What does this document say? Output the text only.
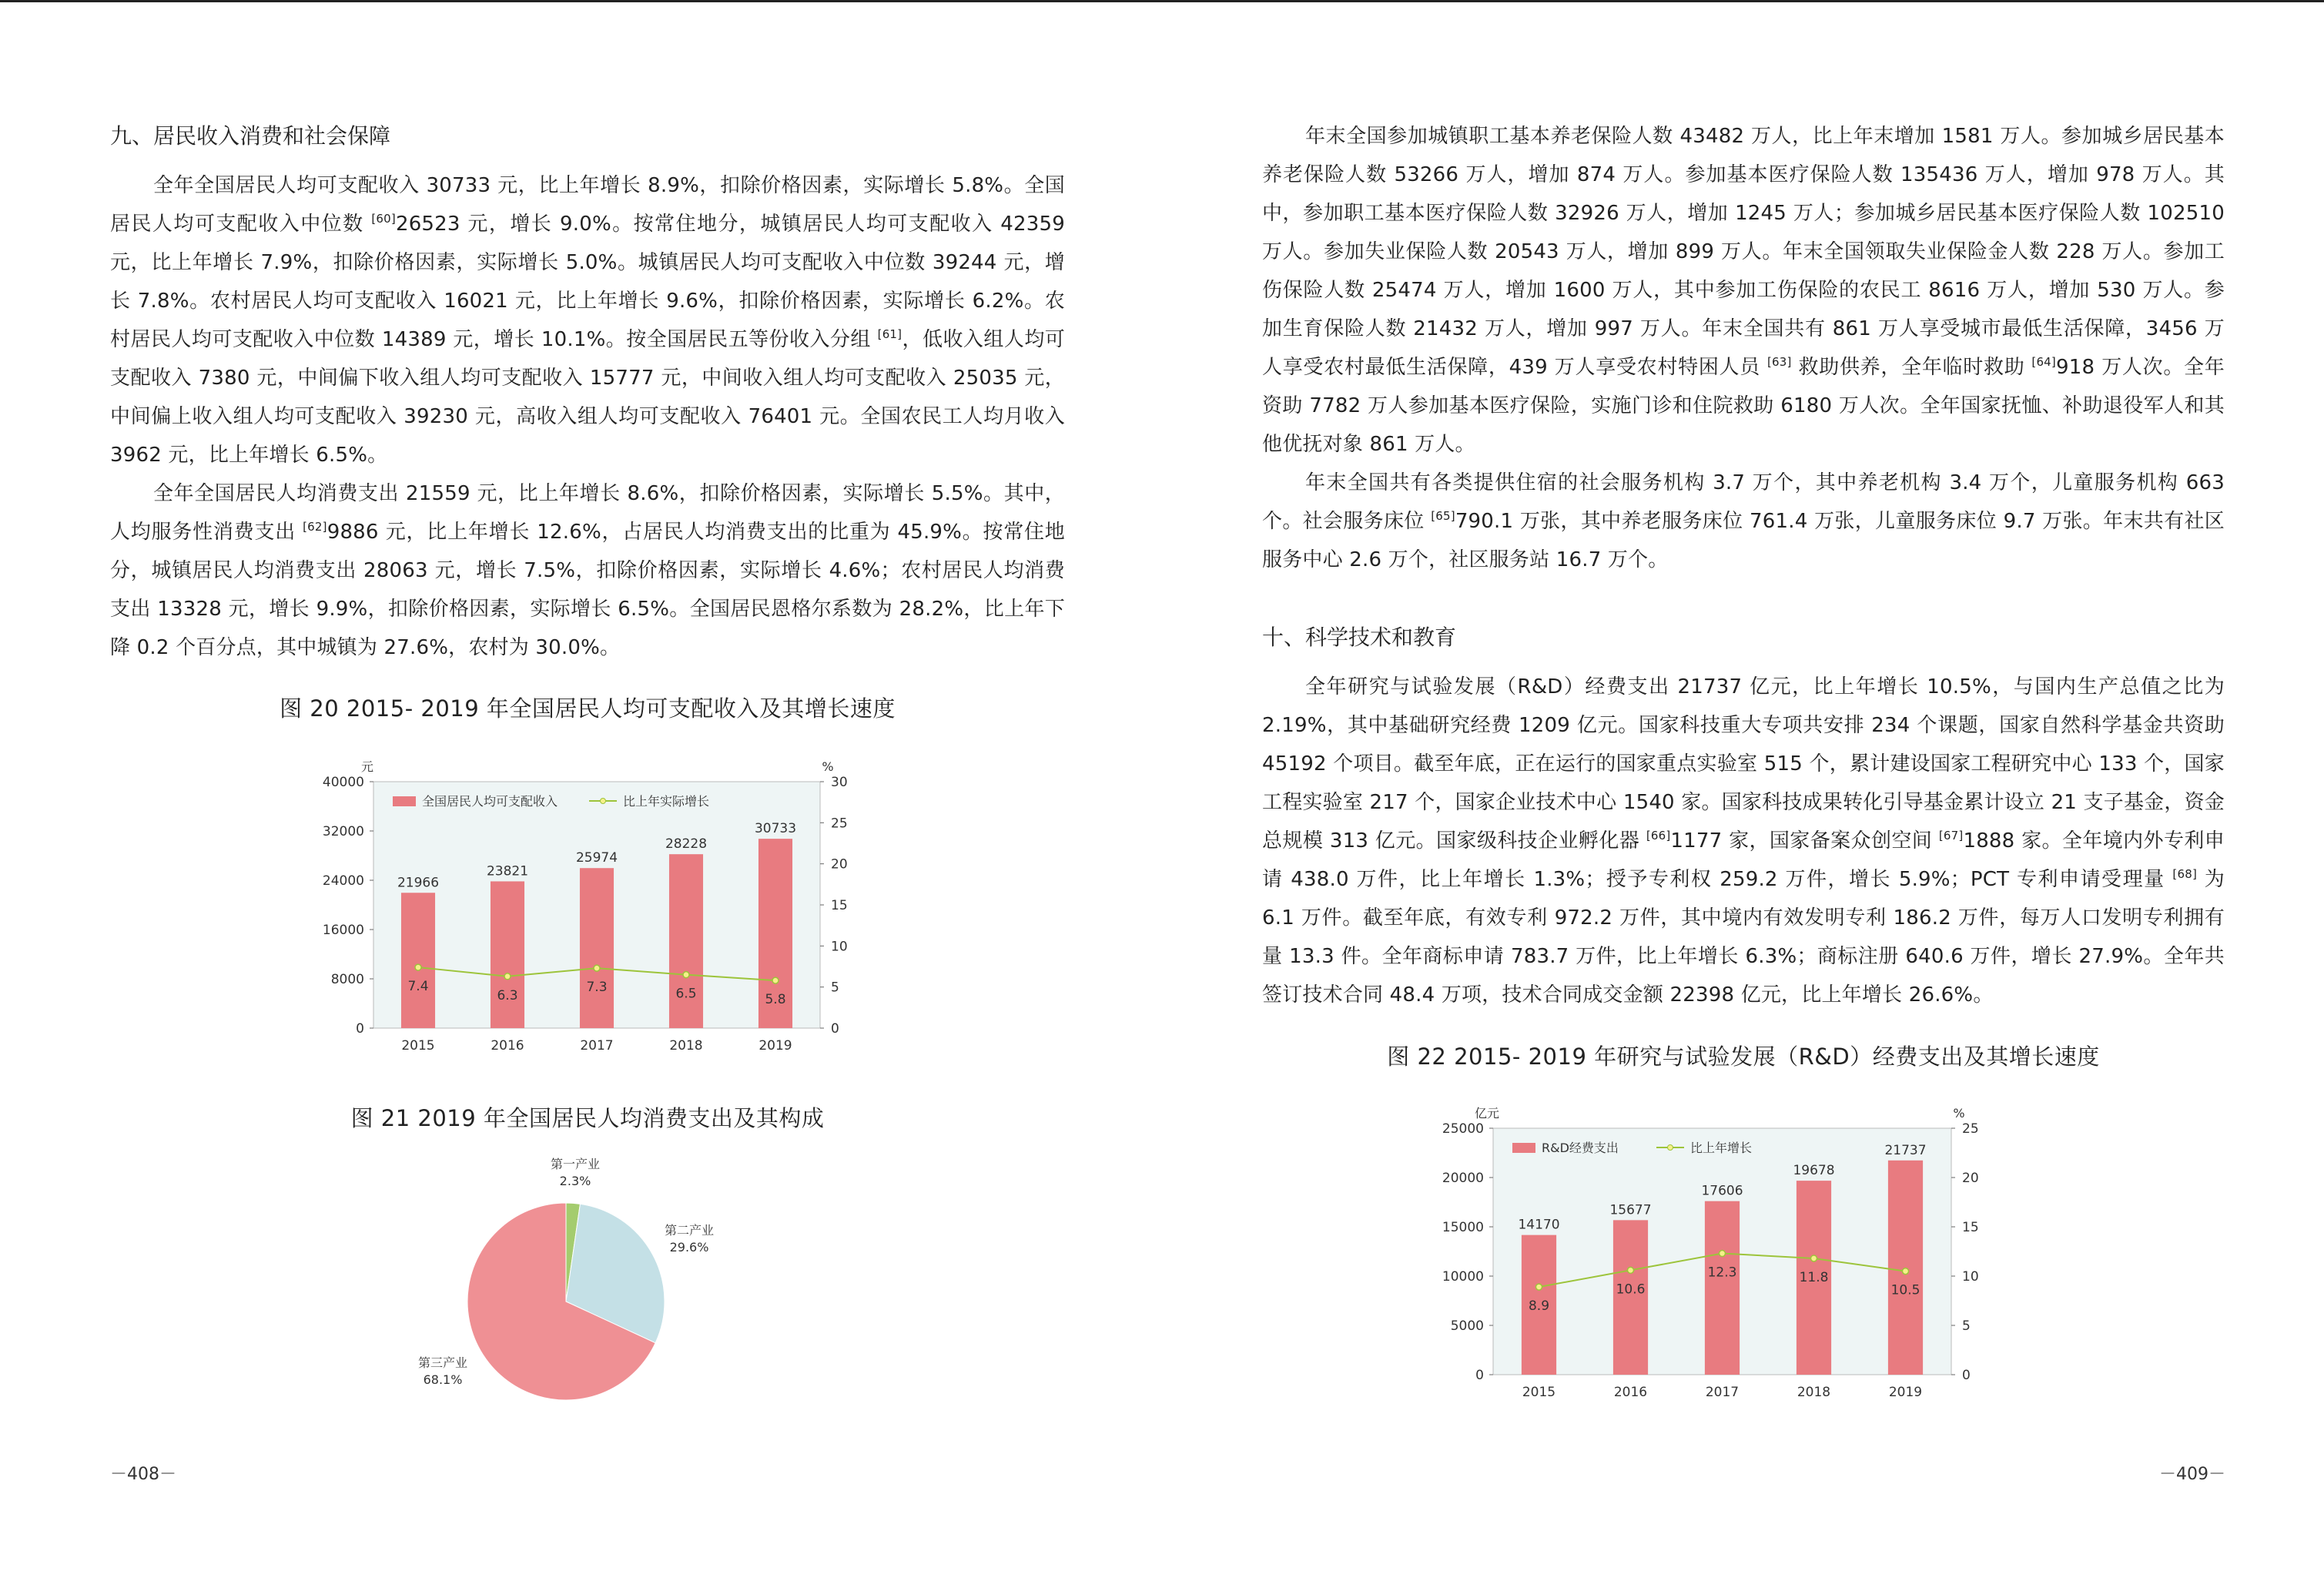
九、居民收入消费和社会保障

全年全国居民人均可支配收入 30733 元，比上年增长 8.9%，扣除价格因素，实际增长 5.8%。全国居民人均可支配收入中位数 [60]26523 元，增长 9.0%。按常住地分，城镇居民人均可支配收入 42359 元，比上年增长 7.9%，扣除价格因素，实际增长 5.0%。城镇居民人均可支配收入中位数 39244 元，增长 7.8%。农村居民人均可支配收入 16021 元，比上年增长 9.6%，扣除价格因素，实际增长 6.2%。农村居民人均可支配收入中位数 14389 元，增长 10.1%。按全国居民五等份收入分组 [61]，低收入组人均可支配收入 7380 元，中间偏下收入组人均可支配收入 15777 元，中间收入组人均可支配收入 25035 元，中间偏上收入组人均可支配收入 39230 元，高收入组人均可支配收入 76401 元。全国农民工人均月收入 3962 元，比上年增长 6.5%。

全年全国居民人均消费支出 21559 元，比上年增长 8.6%，扣除价格因素，实际增长 5.5%。其中，人均服务性消费支出 [62]9886 元，比上年增长 12.6%，占居民人均消费支出的比重为 45.9%。按常住地分，城镇居民人均消费支出 28063 元，增长 7.5%，扣除价格因素，实际增长 4.6%；农村居民人均消费支出 13328 元，增长 9.9%，扣除价格因素，实际增长 6.5%。全国居民恩格尔系数为 28.2%，比上年下降 0.2 个百分点，其中城镇为 27.6%，农村为 30.0%。

图 20 2015- 2019 年全国居民人均可支配收入及其增长速度
元	%
0
8000
16000
24000
32000
40000
0
5
10
15
20
25
30
21966
2015
23821
2016
25974
2017
28228
2018
30733
2019
7.4
6.3
7.3	6.5	5.8
全国居民人均可支配收入	比上年实际增长
图 21 2019 年全国居民人均消费支出及其构成
第一产业
2.3%
第二产业
29.6%
第三产业
68.1%
－408－

年末全国参加城镇职工基本养老保险人数 43482 万人，比上年末增加 1581 万人。参加城乡居民基本养老保险人数 53266 万人，增加 874 万人。参加基本医疗保险人数 135436 万人，增加 978 万人。其中，参加职工基本医疗保险人数 32926 万人，增加 1245 万人；参加城乡居民基本医疗保险人数 102510 万人。参加失业保险人数 20543 万人，增加 899 万人。年末全国领取失业保险金人数 228 万人。参加工伤保险人数 25474 万人，增加 1600 万人，其中参加工伤保险的农民工 8616 万人，增加 530 万人。参加生育保险人数 21432 万人，增加 997 万人。年末全国共有 861 万人享受城市最低生活保障，3456 万人享受农村最低生活保障，439 万人享受农村特困人员 [63] 救助供养，全年临时救助 [64]918 万人次。全年资助 7782 万人参加基本医疗保险，实施门诊和住院救助 6180 万人次。全年国家抚恤、补助退役军人和其他优抚对象 861 万人。

年末全国共有各类提供住宿的社会服务机构 3.7 万个，其中养老机构 3.4 万个，儿童服务机构 663 个。社会服务床位 [65]790.1 万张，其中养老服务床位 761.4 万张，儿童服务床位 9.7 万张。年末共有社区服务中心 2.6 万个，社区服务站 16.7 万个。

十、科学技术和教育

全年研究与试验发展（R&D）经费支出 21737 亿元，比上年增长 10.5%，与国内生产总值之比为 2.19%，其中基础研究经费 1209 亿元。国家科技重大专项共安排 234 个课题，国家自然科学基金共资助 45192 个项目。截至年底，正在运行的国家重点实验室 515 个，累计建设国家工程研究中心 133 个，国家工程实验室 217 个，国家企业技术中心 1540 家。国家科技成果转化引导基金累计设立 21 支子基金，资金总规模 313 亿元。国家级科技企业孵化器 [66]1177 家，国家备案众创空间 [67]1888 家。全年境内外专利申请 438.0 万件，比上年增长 1.3%；授予专利权 259.2 万件，增长 5.9%；PCT 专利申请受理量 [68] 为 6.1 万件。截至年底，有效专利 972.2 万件，其中境内有效发明专利 186.2 万件，每万人口发明专利拥有量 13.3 件。全年商标申请 783.7 万件，比上年增长 6.3%；商标注册 640.6 万件，增长 27.9%。全年共签订技术合同 48.4 万项，技术合同成交金额 22398 亿元，比上年增长 26.6%。

图 22 2015- 2019 年研究与试验发展（R&D）经费支出及其增长速度
亿元	%
0
5000
10000
15000
20000
25000
0
5
10
15
20
25
14170
2015
15677
2016
17606
2017
19678
2018
21737
2019
8.9
10.6
12.3	11.8
10.5
R&D经费支出	比上年增长
－409－
